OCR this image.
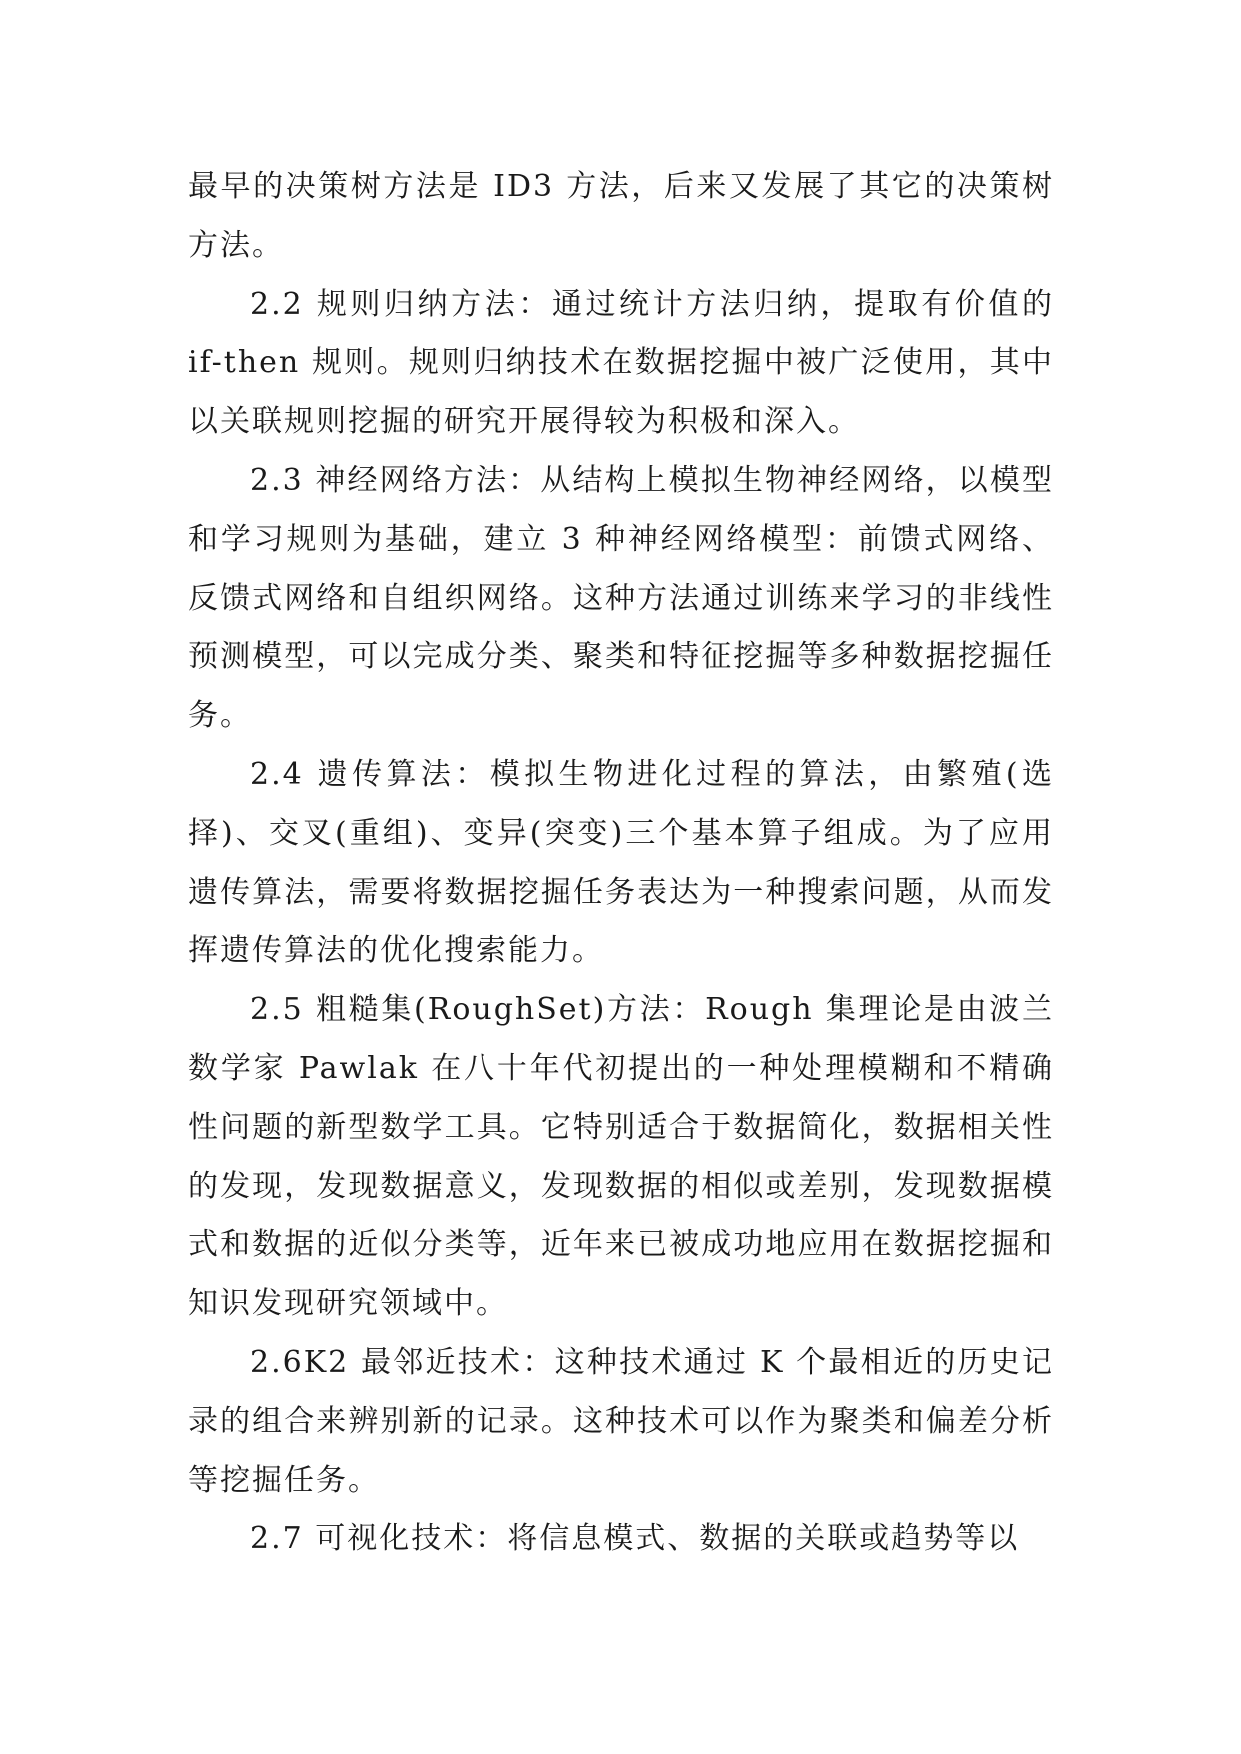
最早的决策树方法是 ID3 方法，后来又发展了其它的决策树方法。

2.2 规则归纳方法：通过统计方法归纳，提取有价值的 if-then 规则。规则归纳技术在数据挖掘中被广泛使用，其中以关联规则挖掘的研究开展得较为积极和深入。

2.3 神经网络方法：从结构上模拟生物神经网络，以模型和学习规则为基础，建立 3 种神经网络模型：前馈式网络、反馈式网络和自组织网络。这种方法通过训练来学习的非线性预测模型，可以完成分类、聚类和特征挖掘等多种数据挖掘任务。

2.4 遗传算法：模拟生物进化过程的算法，由繁殖(选择)、交叉(重组)、变异(突变)三个基本算子组成。为了应用遗传算法，需要将数据挖掘任务表达为一种搜索问题，从而发挥遗传算法的优化搜索能力。

2.5 粗糙集(RoughSet)方法：Rough 集理论是由波兰数学家 Pawlak 在八十年代初提出的一种处理模糊和不精确性问题的新型数学工具。它特别适合于数据简化，数据相关性的发现，发现数据意义，发现数据的相似或差别，发现数据模式和数据的近似分类等，近年来已被成功地应用在数据挖掘和知识发现研究领域中。

2.6K2 最邻近技术：这种技术通过 K 个最相近的历史记录的组合来辨别新的记录。这种技术可以作为聚类和偏差分析等挖掘任务。

2.7 可视化技术：将信息模式、数据的关联或趋势等以
